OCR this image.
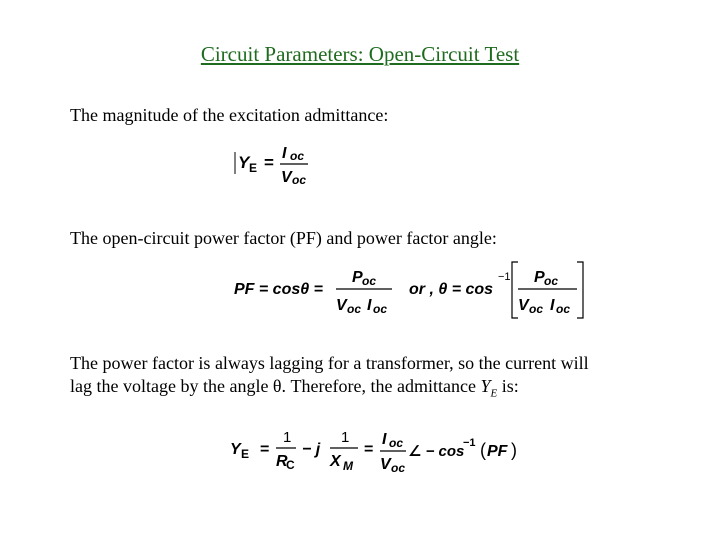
Circuit Parameters: Open-Circuit Test
The magnitude of the excitation admittance:
Y E = I oc
V oc
The open-circuit power factor (PF) and power factor angle:
PF = cosθ =
P oc
V oc I oc
or , θ = cos
−1 P oc
V oc I oc
The power factor is always lagging for a transformer, so the current will
lag the voltage by the angle θ. Therefore, the admittance $Y_E$ is:
Y E =
1
R
C
− j
1
X M
=
I oc
V oc
∠ − cos
−1 ( PF )
